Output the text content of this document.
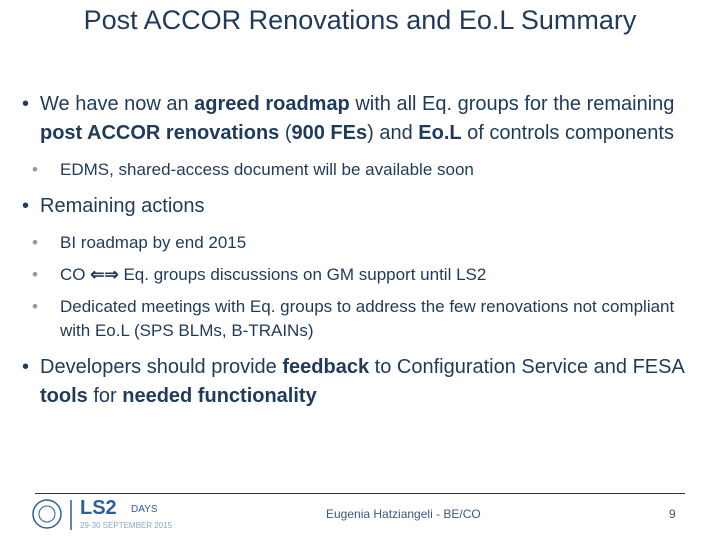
Post ACCOR Renovations and Eo.L Summary
• We have now an agreed roadmap with all Eq. groups for the remaining post ACCOR renovations (900 FEs) and Eo.L of controls components
• EDMS, shared-access document will be available soon
• Remaining actions
• BI roadmap by end 2015
• CO ⇐⇒ Eq. groups discussions on GM support until LS2
• Dedicated meetings with Eq. groups to address the few renovations not compliant with Eo.L (SPS BLMs, B-TRAINs)
• Developers should provide feedback to Configuration Service and FESA tools for needed functionality
LS2 DAYS
29-30 SEPTEMBER 2015
Eugenia Hatziangeli - BE/CO	9
